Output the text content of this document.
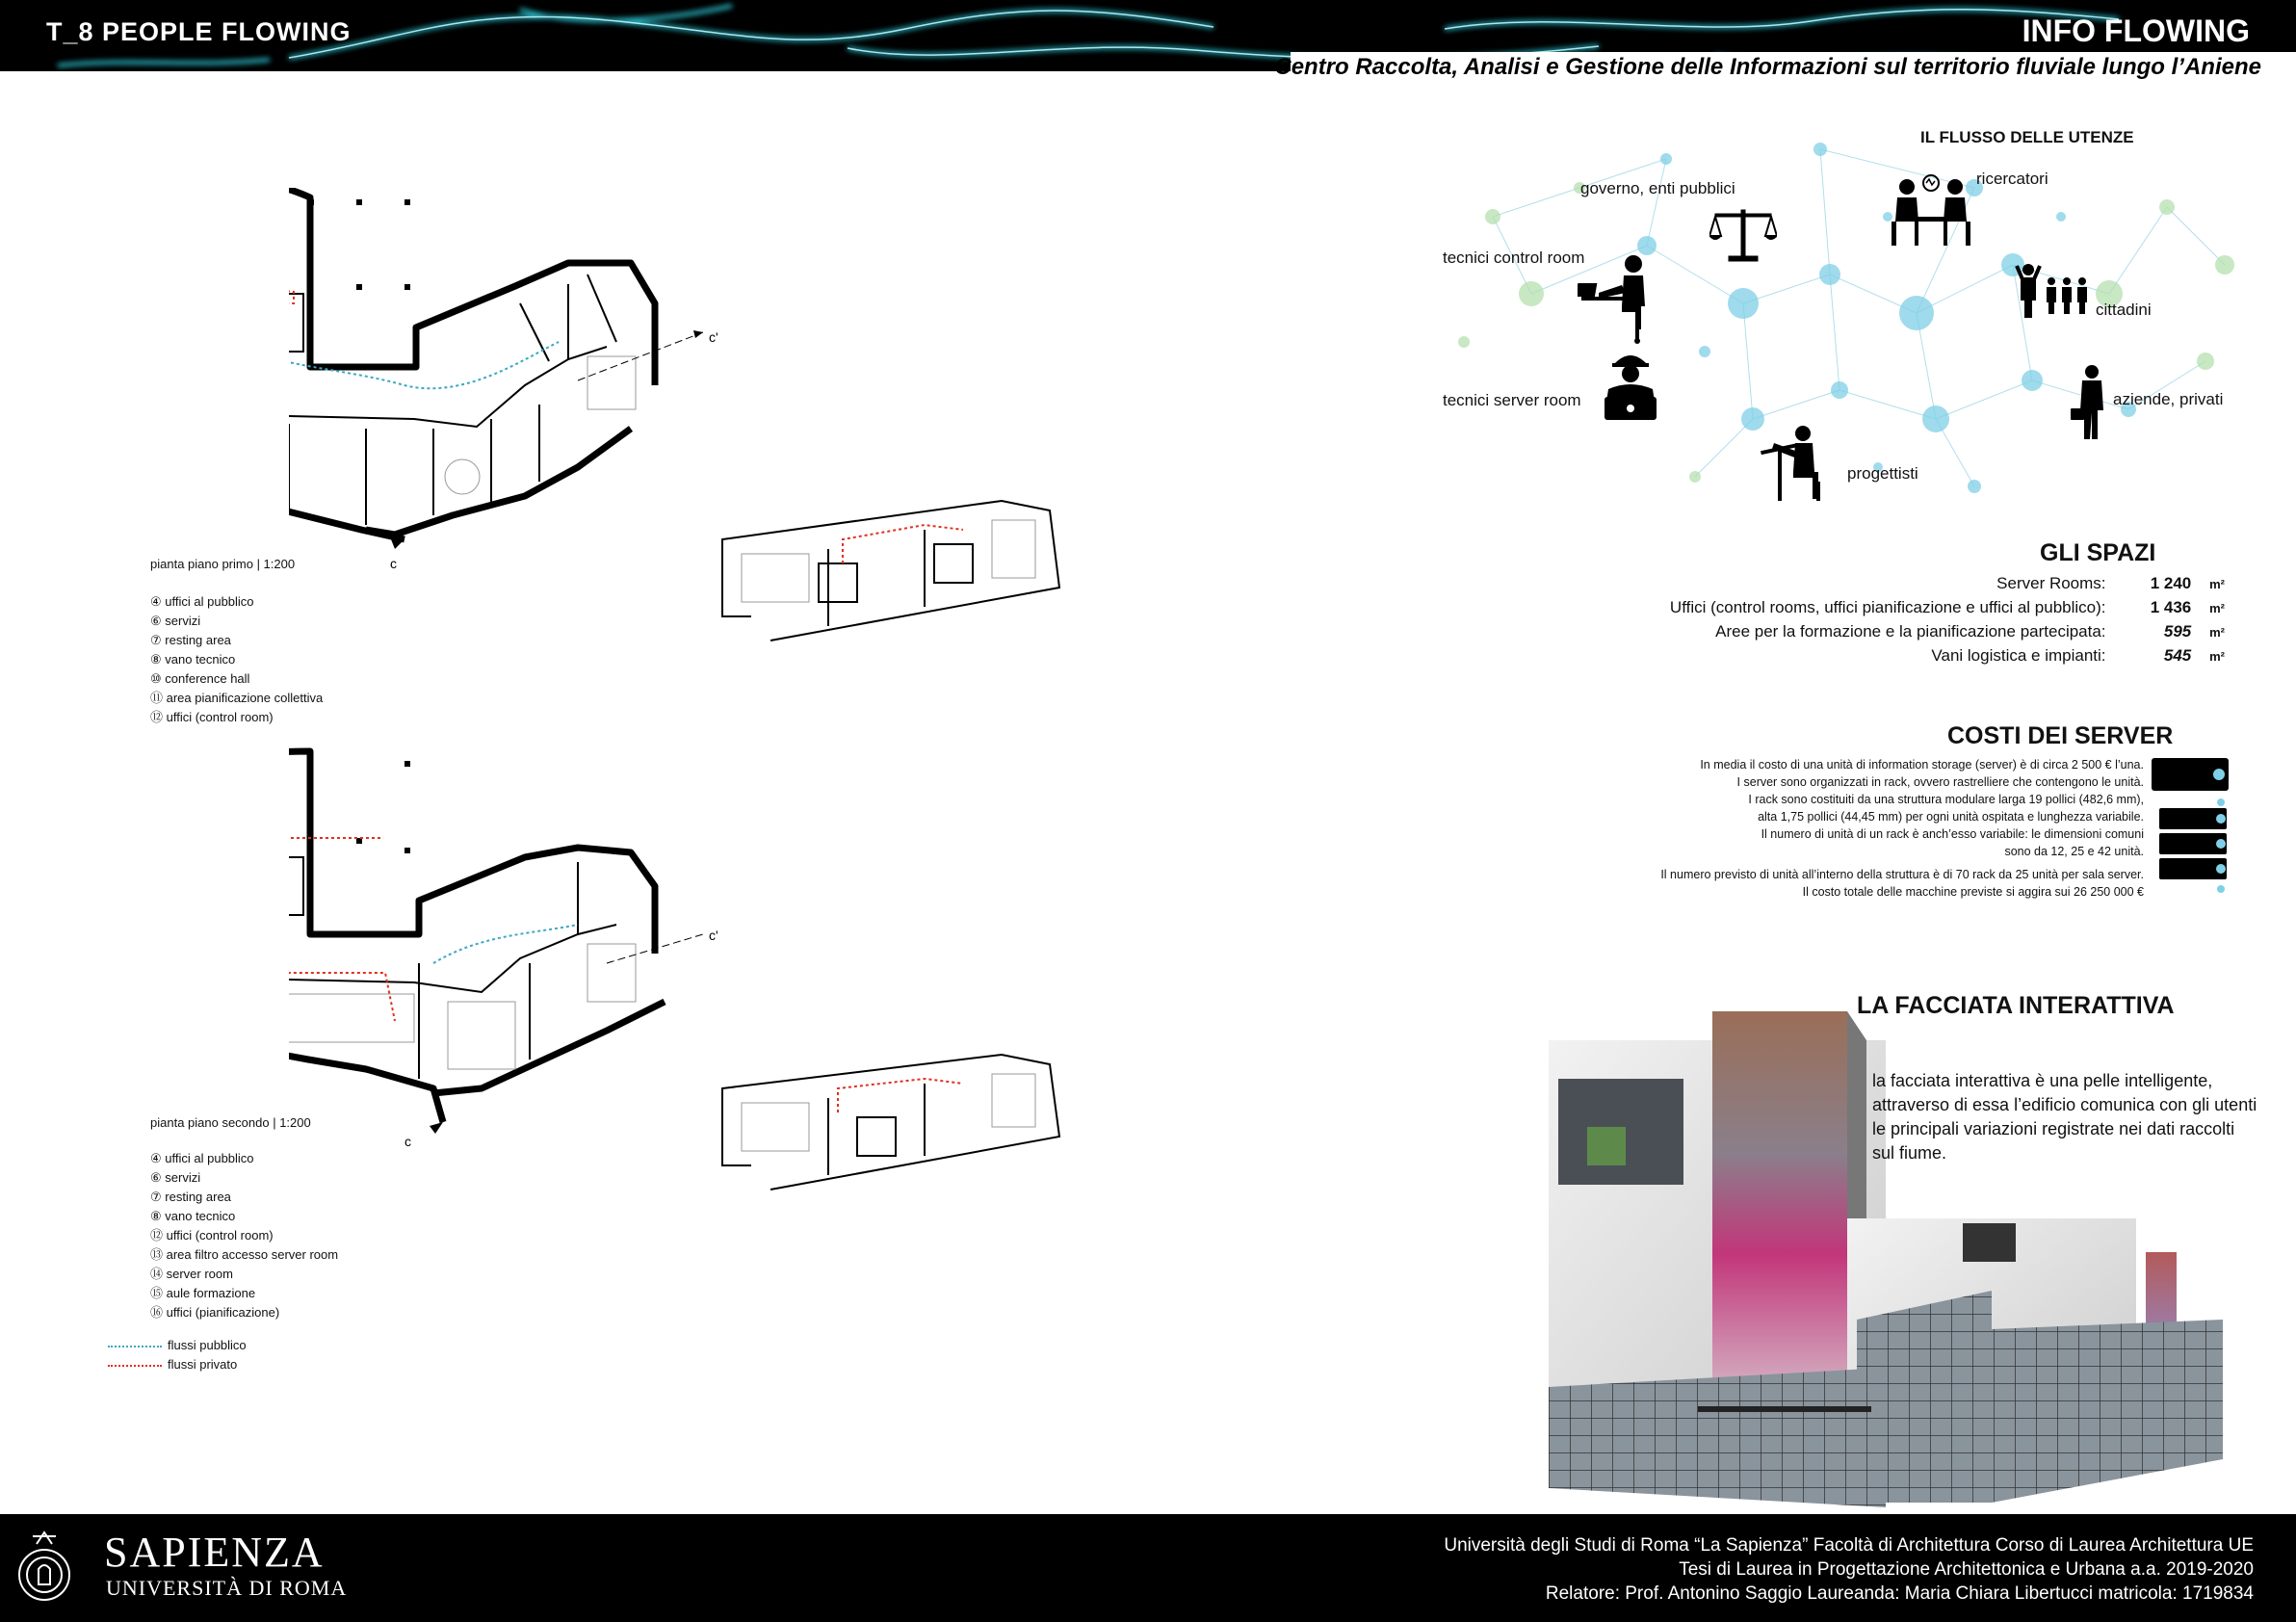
T_8 PEOPLE FLOWING	INFO FLOWING
Centro Raccolta, Analisi e Gestione delle Informazioni sul territorio fluviale lungo l’Aniene
c'
c
pianta piano primo | 1:200
④ uffici al pubblico
⑥ servizi
⑦ resting area
⑧ vano tecnico
⑩ conference hall
⑪ area pianificazione collettiva
⑫ uffici (control room)
c'
c
pianta piano secondo | 1:200
④ uffici al pubblico
⑥ servizi
⑦ resting area
⑧ vano tecnico
⑫ uffici (control room)
⑬ area filtro accesso server room
⑭ server room
⑮ aule formazione
⑯ uffici (pianificazione)
flussi pubblico
flussi privato
IL FLUSSO DELLE UTENZE
governo, enti pubblici
ricercatori
tecnici control room
cittadini
tecnici server room	aziende, privati
progettisti
GLI SPAZI
Server Rooms:	1 240 m²
Uffici (control rooms, uffici pianificazione e uffici al pubblico):	1 436 m²
Aree per la formazione e la pianificazione partecipata:	595 m²
Vani logistica e impianti:	545 m²
COSTI DEI SERVER
In media il costo di una unità di information storage (server) è di circa 2 500 € l’una.
I server sono organizzati in rack, ovvero rastrelliere che contengono le unità.
I rack sono costituiti da una struttura modulare larga 19 pollici (482,6 mm),
alta 1,75 pollici (44,45 mm) per ogni unità ospitata e lunghezza variabile.
Il numero di unità di un rack è anch’esso variabile: le dimensioni comuni
sono da 12, 25 e 42 unità.
Il numero previsto di unità all’interno della struttura è di 70 rack da 25 unità per sala server.
Il costo totale delle macchine previste si aggira sui 26 250 000 €
LA FACCIATA INTERATTIVA
la facciata interattiva è una pelle intelligente, attraverso di essa l’edificio comunica con gli utenti le principali variazioni registrate nei dati raccolti sul fiume.
SAPIENZA
UNIVERSITÀ DI ROMA
Università degli Studi di Roma “La Sapienza” Facoltà di Architettura Corso di Laurea Architettura UE
Tesi di Laurea in Progettazione Architettonica e Urbana a.a. 2019-2020
Relatore: Prof. Antonino Saggio Laureanda: Maria Chiara Libertucci matricola: 1719834
